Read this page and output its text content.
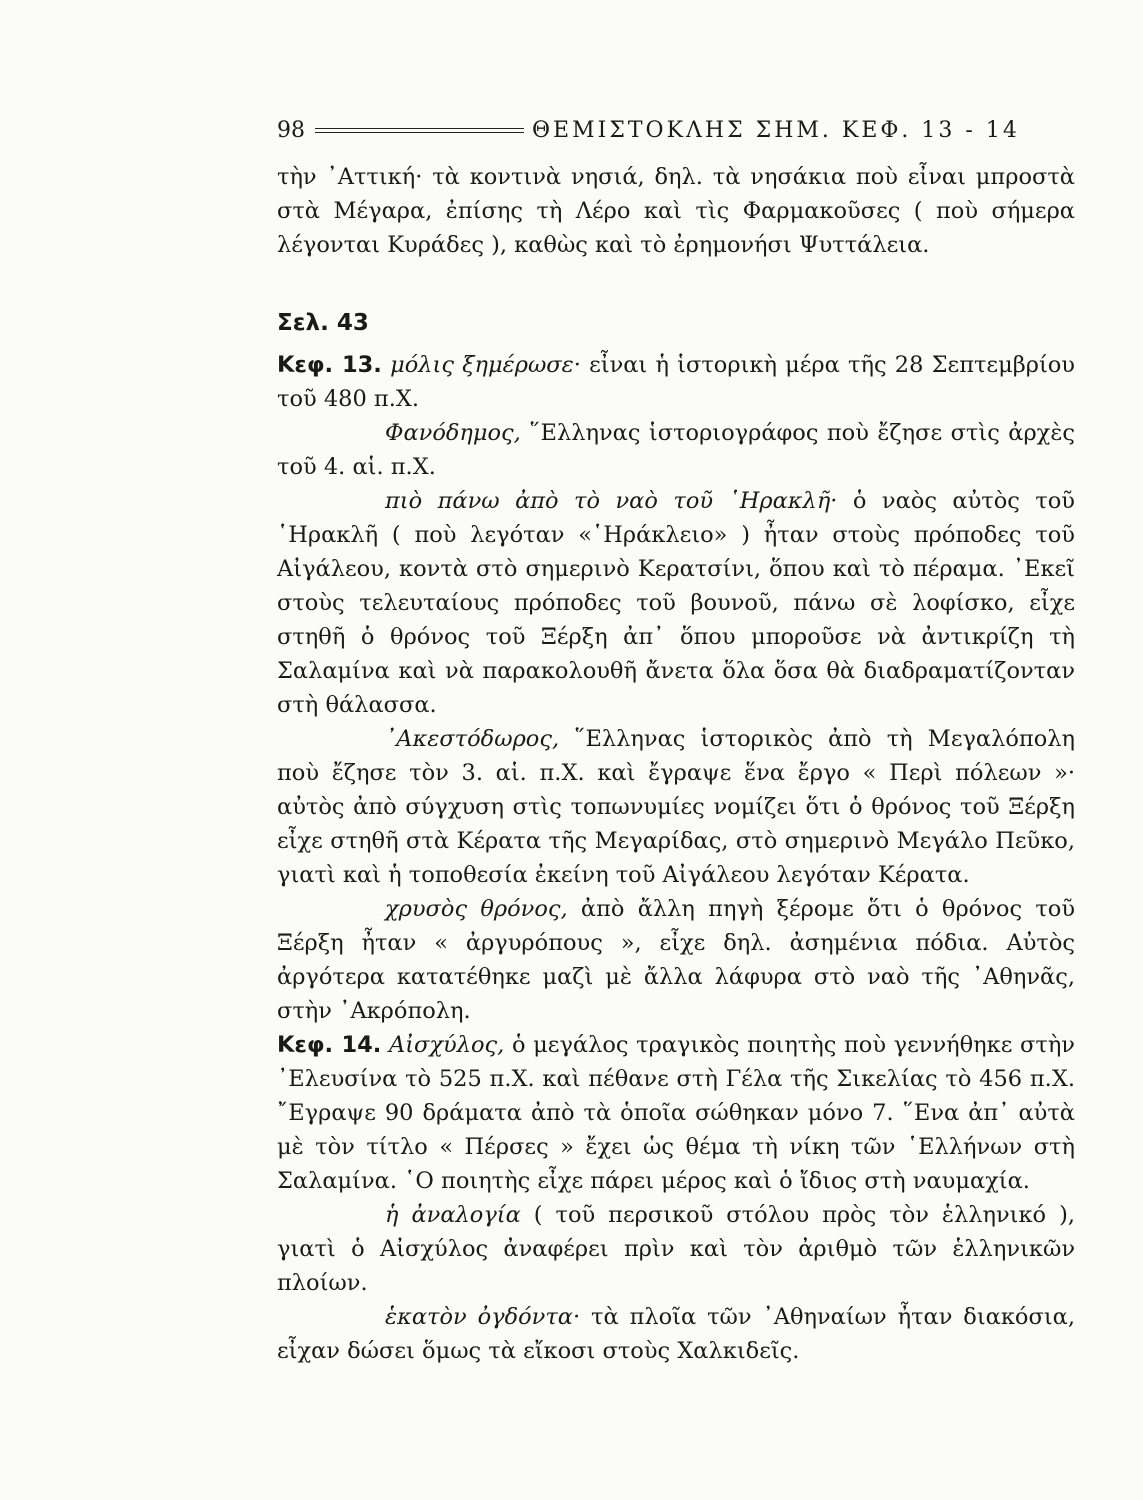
98	ΘΕΜΙΣΤΟΚΛΗΣ ΣΗΜ. ΚΕΦ. 13 - 14

τὴν ᾿Αττική· τὰ κοντινὰ νησιά, δηλ. τὰ νησάκια ποὺ εἶναι μπροστὰ στὰ Μέγαρα, ἐπίσης τὴ Λέρο καὶ τὶς Φαρμακοῦσες ( ποὺ σήμερα λέγονται Κυράδες ), καθὼς καὶ τὸ ἐρημονήσι Ψυττάλεια.

Σελ. 43

Κεφ. 13. μόλις ξημέρωσε· εἶναι ἡ ἱστορικὴ μέρα τῆς 28 Σεπτεμβρίου τοῦ 480 π.Χ.

Φανόδημος, ῞Ελληνας ἱστοριογράφος ποὺ ἔζησε στὶς ἀρχὲς τοῦ 4. αἱ. π.Χ.

πιὸ πάνω ἀπὸ τὸ ναὸ τοῦ ῾Ηρακλῆ· ὁ ναὸς αὐτὸς τοῦ ῾Ηρακλῆ ( ποὺ λεγόταν «῾Ηράκλειο» ) ἦταν στοὺς πρόποδες τοῦ Αἰγάλεου, κοντὰ στὸ σημερινὸ Κερατσίνι, ὅπου καὶ τὸ πέραμα. ᾿Εκεῖ στοὺς τελευταίους πρόποδες τοῦ βουνοῦ, πάνω σὲ λοφίσκο, εἶχε στηθῆ ὁ θρόνος τοῦ Ξέρξη ἀπ᾿ ὅπου μποροῦσε νὰ ἀντικρίζη τὴ Σαλαμίνα καὶ νὰ παρακολουθῆ ἄνετα ὅλα ὅσα θὰ διαδραματίζονταν στὴ θάλασσα.

᾿Ακεστόδωρος, ῞Ελληνας ἱστορικὸς ἀπὸ τὴ Μεγαλόπολη ποὺ ἔζησε τὸν 3. αἱ. π.Χ. καὶ ἔγραψε ἕνα ἔργο « Περὶ πόλεων »· αὐτὸς ἀπὸ σύγχυση στὶς τοπωνυμίες νομίζει ὅτι ὁ θρόνος τοῦ Ξέρξη εἶχε στηθῆ στὰ Κέρατα τῆς Μεγαρίδας, στὸ σημερινὸ Μεγάλο Πεῦκο, γιατὶ καὶ ἡ τοποθεσία ἐκείνη τοῦ Αἰγάλεου λεγόταν Κέρατα.

χρυσὸς θρόνος, ἀπὸ ἄλλη πηγὴ ξέρομε ὅτι ὁ θρόνος τοῦ Ξέρξη ἦταν « ἀργυρόπους », εἶχε δηλ. ἀσημένια πόδια. Αὐτὸς ἀργότερα κατατέθηκε μαζὶ μὲ ἄλλα λάφυρα στὸ ναὸ τῆς ᾿Αθηνᾶς, στὴν ᾿Ακρόπολη.

Κεφ. 14. Αἰσχύλος, ὁ μεγάλος τραγικὸς ποιητὴς ποὺ γεννήθηκε στὴν ᾿Ελευσίνα τὸ 525 π.Χ. καὶ πέθανε στὴ Γέλα τῆς Σικελίας τὸ 456 π.Χ. ῎Εγραψε 90 δράματα ἀπὸ τὰ ὁποῖα σώθηκαν μόνο 7. ῞Ενα ἀπ᾿ αὐτὰ μὲ τὸν τίτλο « Πέρσες » ἔχει ὡς θέμα τὴ νίκη τῶν ῾Ελλήνων στὴ Σαλαμίνα. ῾Ο ποιητὴς εἶχε πάρει μέρος καὶ ὁ ἴδιος στὴ ναυμαχία.

ἡ ἀναλογία ( τοῦ περσικοῦ στόλου πρὸς τὸν ἑλληνικό ), γιατὶ ὁ Αἰσχύλος ἀναφέρει πρὶν καὶ τὸν ἀριθμὸ τῶν ἑλληνικῶν πλοίων.

ἑκατὸν ὀγδόντα· τὰ πλοῖα τῶν ᾿Αθηναίων ἦταν διακόσια, εἶχαν δώσει ὅμως τὰ εἴκοσι στοὺς Χαλκιδεῖς.
